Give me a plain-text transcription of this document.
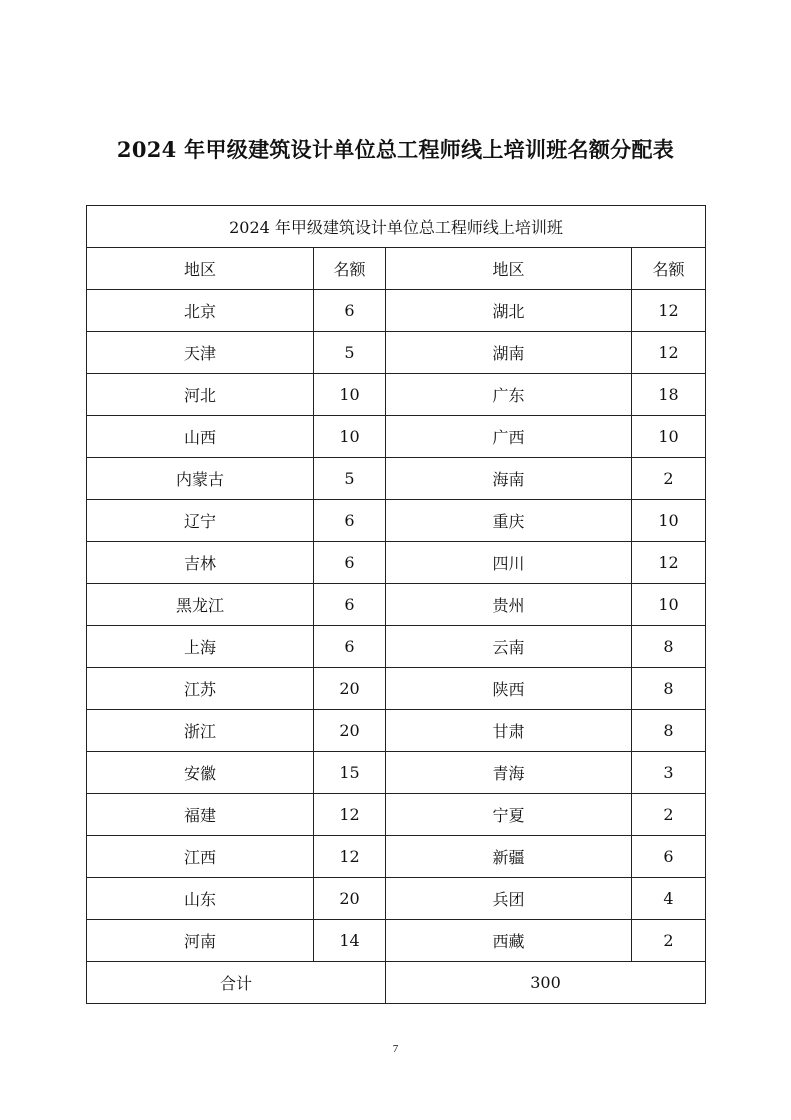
2024 年甲级建筑设计单位总工程师线上培训班名额分配表
2024 年甲级建筑设计单位总工程师线上培训班			
地区	名额	地区	名额
北京	6	湖北	12
天津	5	湖南	12
河北	10	广东	18
山西	10	广西	10
内蒙古	5	海南	2
辽宁	6	重庆	10
吉林	6	四川	12
黑龙江	6	贵州	10
上海	6	云南	8
江苏	20	陕西	8
浙江	20	甘肃	8
安徽	15	青海	3
福建	12	宁夏	2
江西	12	新疆	6
山东	20	兵团	4
河南	14	西藏	2
合计		300	
7
